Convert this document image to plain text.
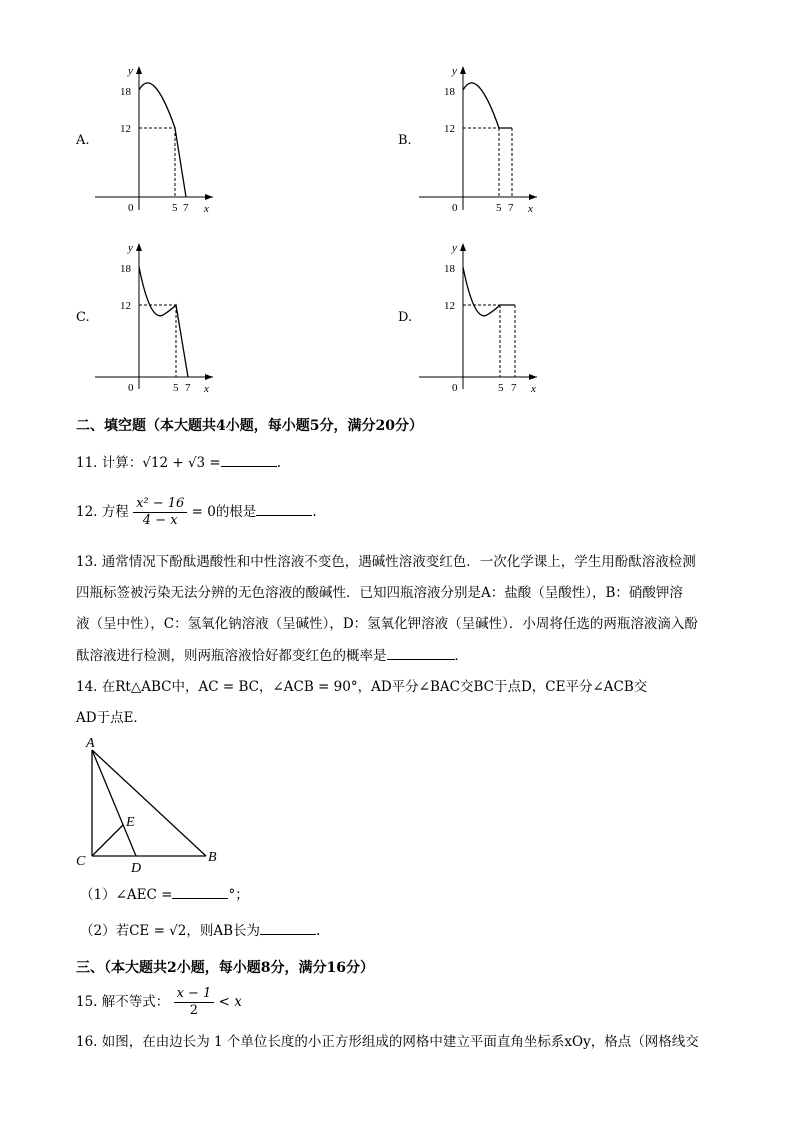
A.
y
18
12
0	5 7 x
B.
y
18
12
0	5 7 x
C.
y
18
12
0	5 7 x
D.
y
18
12
0	5 7 x
二、填空题（本大题共4小题，每小题5分，满分20分）
11. 计算：√12 + √3 =	.
12. 方程 $\frac{\text{x² − 16}}{4 - x} = 0$的根是	.
13. 通常情况下酚酞遇酸性和中性溶液不变色，遇碱性溶液变红色．一次化学课上，学生用酚酞溶液检测
四瓶标签被污染无法分辨的无色溶液的酸碱性．已知四瓶溶液分别是A：盐酸（呈酸性），B：硝酸钾溶
液（呈中性），C：氢氧化钠溶液（呈碱性），D：氢氧化钾溶液（呈碱性）．小周将任选的两瓶溶液滴入酚
酞溶液进行检测，则两瓶溶液恰好都变红色的概率是	．
14. 在Rt△ABC中，AC = BC，∠ACB = 90°，AD平分∠BAC交BC于点D，CE平分∠ACB交
AD于点E．
A
E
C	D
B
（1）∠AEC =	°；
（2）若CE = √2，则AB长为	.
三、（本大题共2小题，每小题8分，满分16分）
15. 解不等式： $\frac{x - 1}{2} < x$
16. 如图，在由边长为 1 个单位长度的小正方形组成的网格中建立平面直角坐标系xOy，格点（网格线交
